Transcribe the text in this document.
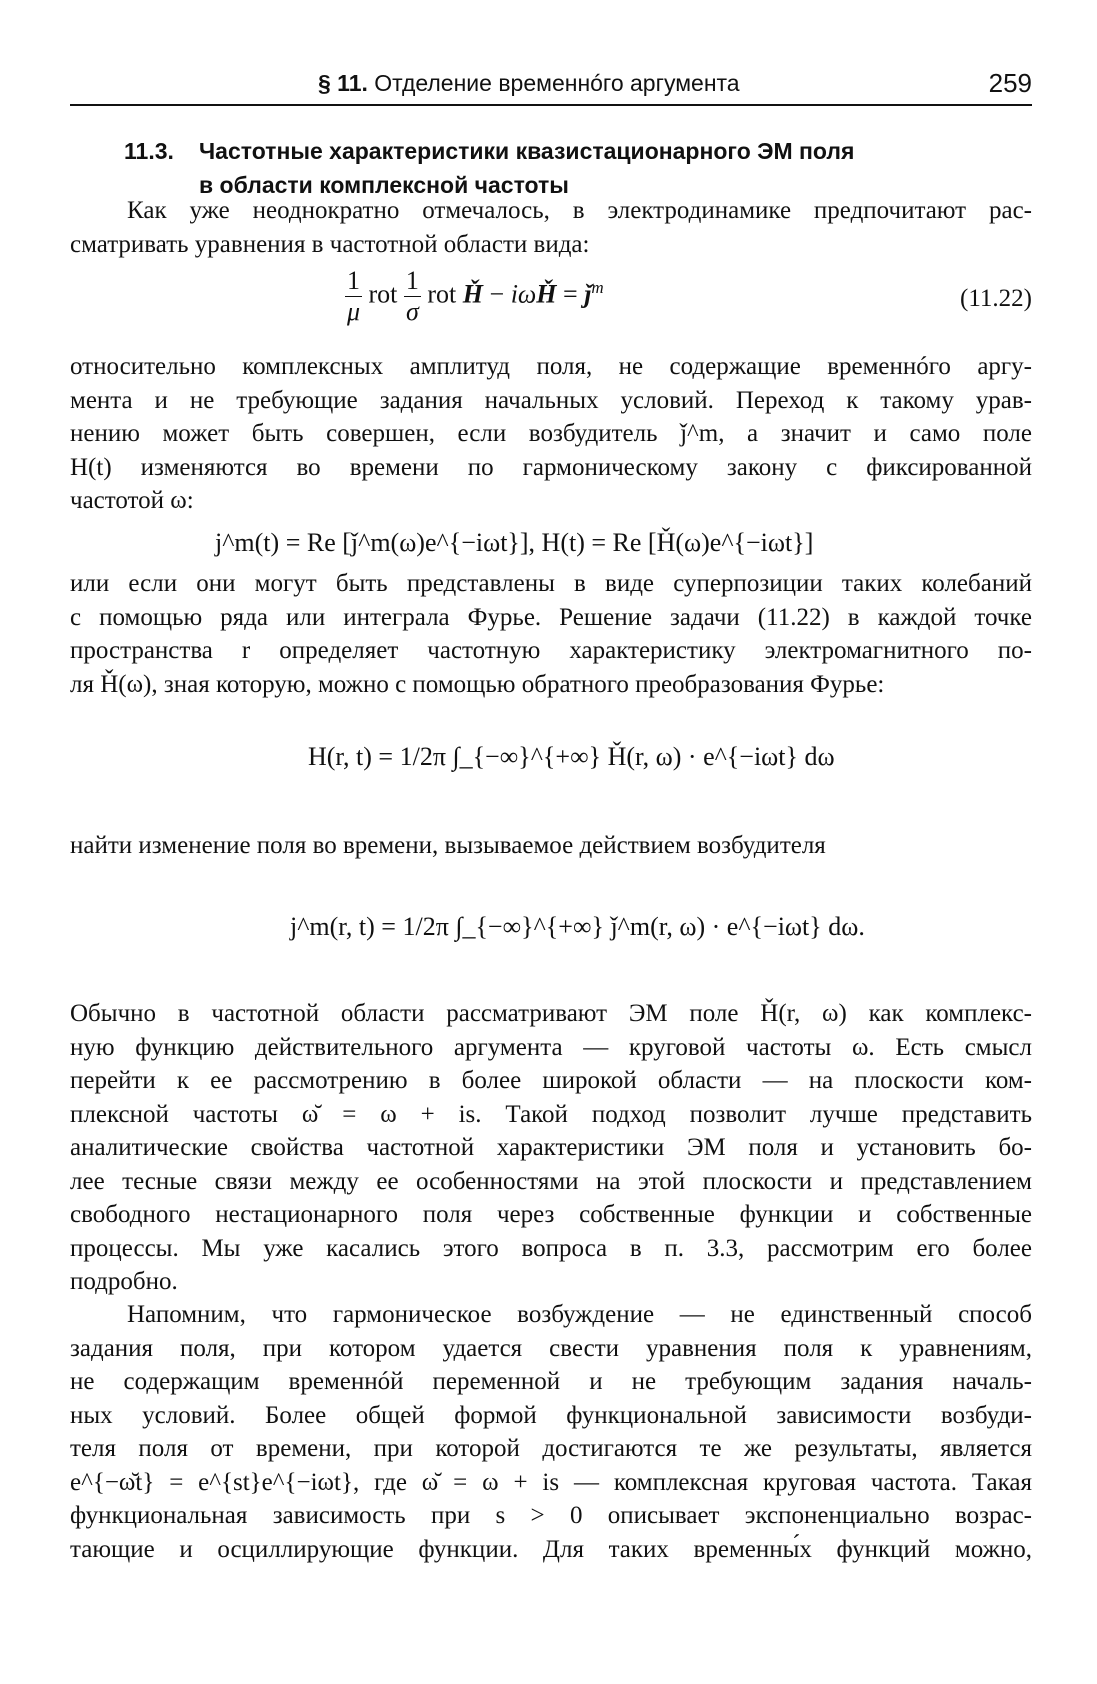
§ 11. Отделение временнóго аргумента	259
11.3. Частотные характеристики квазистационарного ЭМ поля
в области комплексной частоты
Как уже неоднократно отмечалось, в электродинамике предпочитают рас-
сматривать уравнения в частотной области вида:
$\frac{1}{\mu}$ rot $\frac{1}{\sigma}$ rot Ȟ − iωȞ = $ǰ^m$	(11.22)
относительно комплексных амплитуд поля, не содержащие временнóго аргу-
мента и не требующие задания начальных условий. Переход к такому урав-
нению может быть совершен, если возбудитель ǰ^m, а значит и само поле
H(t) изменяются во времени по гармоническому закону с фиксированной
частотой ω:
j^m(t) = Re [ǰ^m(ω)e^{−iωt}], H(t) = Re [Ȟ(ω)e^{−iωt}]
или если они могут быть представлены в виде суперпозиции таких колебаний
с помощью ряда или интеграла Фурье. Решение задачи (11.22) в каждой точке
пространства r определяет частотную характеристику электромагнитного по-
ля Ȟ(ω), зная которую, можно с помощью обратного преобразования Фурье:
H(r, t) = 1/2π ∫_{−∞}^{+∞} Ȟ(r, ω) · e^{−iωt} dω
найти изменение поля во времени, вызываемое действием возбудителя
j^m(r, t) = 1/2π ∫_{−∞}^{+∞} ǰ^m(r, ω) · e^{−iωt} dω.
Обычно в частотной области рассматривают ЭМ поле Ȟ(r, ω) как комплекс-
ную функцию действительного аргумента — круговой частоты ω. Есть смысл
перейти к ее рассмотрению в более широкой области — на плоскости ком-
плексной частоты ω̆ = ω + is. Такой подход позволит лучше представить
аналитические свойства частотной характеристики ЭМ поля и установить бо-
лее тесные связи между ее особенностями на этой плоскости и представлением
свободного нестационарного поля через собственные функции и собственные
процессы. Мы уже касались этого вопроса в п. 3.3, рассмотрим его более
подробно.
Напомним, что гармоническое возбуждение — не единственный способ
задания поля, при котором удается свести уравнения поля к уравнениям,
не содержащим временнóй переменной и не требующим задания началь-
ных условий. Более общей формой функциональной зависимости возбуди-
теля поля от времени, при которой достигаются те же результаты, является
e^{−ω̆t} = e^{st}e^{−iωt}, где ω̆ = ω + is — комплексная круговая частота. Такая
функциональная зависимость при s > 0 описывает экспоненциально возрас-
тающие и осциллирующие функции. Для таких временны́х функций можно,
